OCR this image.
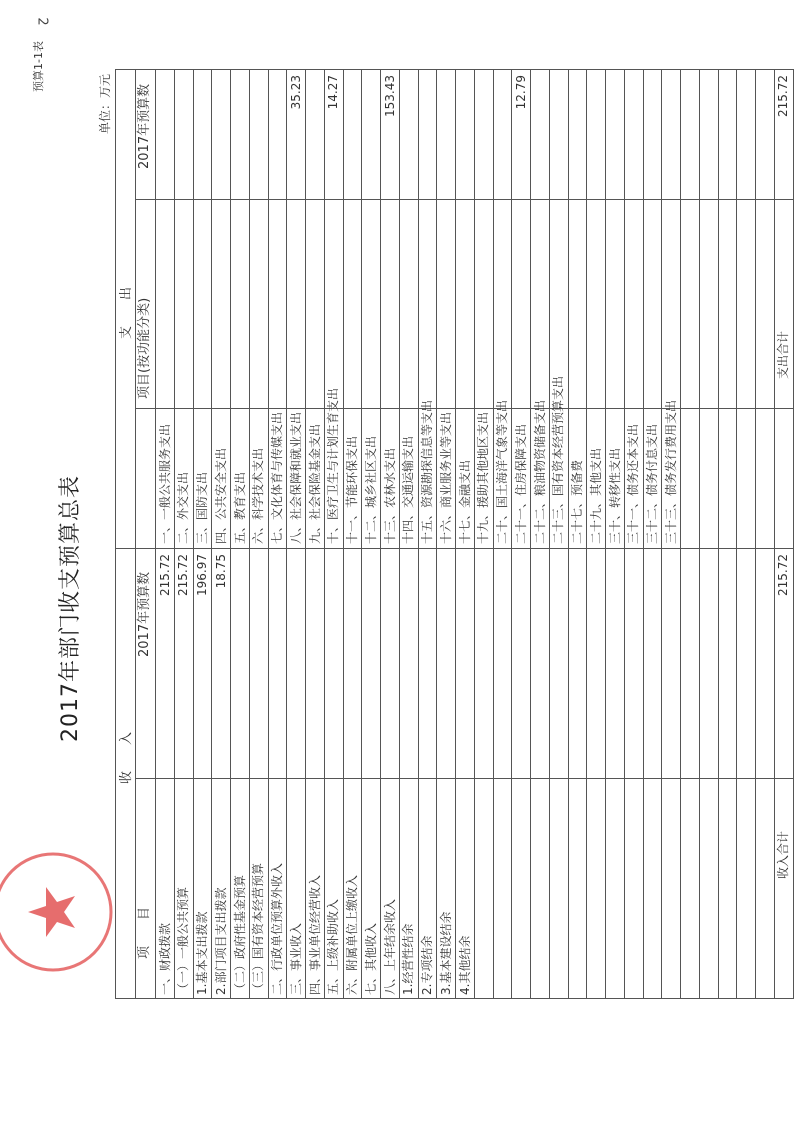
预算1-1表
2017年部门收支预算总表
单位：万元
收　　入
支　　出
项　　目
2017年预算数
项目(按功能分类)
2017年预算数
一、财政拨款
215.72
（一）一般公共预算
215.72
1.基本支出拨款
196.97
2.部门项目支出拨款
18.75
（二）政府性基金预算 （三）国有资本经营预算 二、行政单位预算外收入 三、事业收入 四、事业单位经营收入 五、上级补助收入 六、附属单位上缴收入 七、其他收入 八、上年结余收入 1.经营性结余 2.专项结余 3.基本建设结余 4.其他结余
一、一般公共服务支出 二、外交支出 三、国防支出 四、公共安全支出 五、教育支出 六、科学技术支出 七、文化体育与传媒支出 八、社会保障和就业支出
35.23
九、社会保险基金支出 十、医疗卫生与计划生育支出
14.27
十一、节能环保支出 十二、城乡社区支出 十三、农林水支出
153.43
十四、交通运输支出 十五、资源勘探信息等支出 十六、商业服务业等支出 十七、金融支出 十九、援助其他地区支出 二十、国土海洋气象等支出 二十一、住房保障支出
12.79
二十二、粮油物资储备支出 二十三、国有资本经营预算支出 二十七、预备费 二十九、其他支出 三十、转移性支出 三十一、债务还本支出 三十二、债务付息支出 三十三、债务发行费用支出
收入合计
215.72
支出合计
215.72
2
